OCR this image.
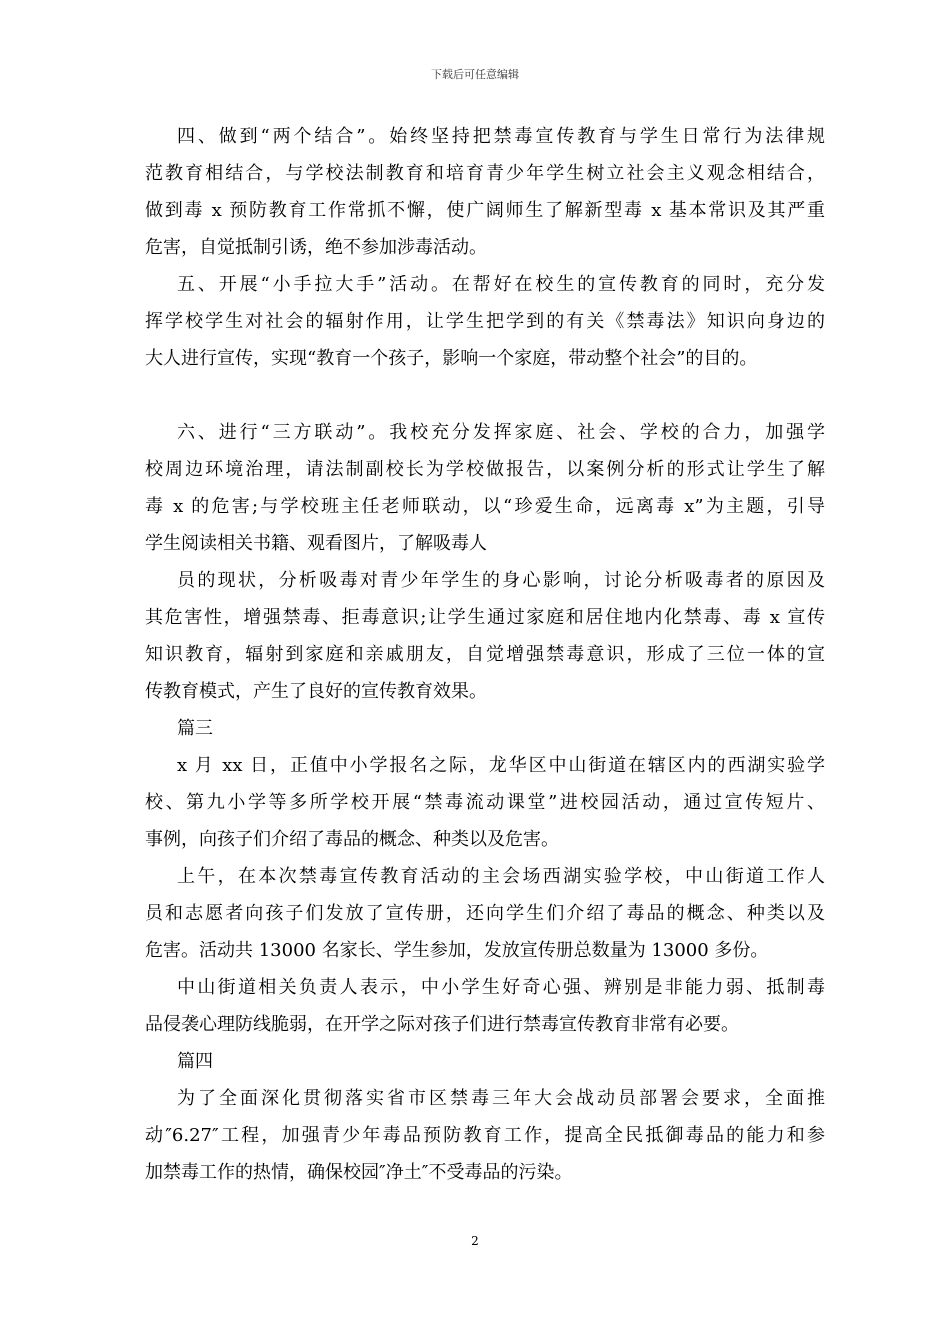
下载后可任意编辑
四、做到“两个结合”。始终坚持把禁毒宣传教育与学生日常行为法律规
范教育相结合，与学校法制教育和培育青少年学生树立社会主义观念相结合，
做到毒 x 预防教育工作常抓不懈，使广阔师生了解新型毒 x 基本常识及其严重
危害，自觉抵制引诱，绝不参加涉毒活动。
五、开展“小手拉大手”活动。在帮好在校生的宣传教育的同时，充分发
挥学校学生对社会的辐射作用，让学生把学到的有关《禁毒法》知识向身边的
大人进行宣传，实现“教育一个孩子，影响一个家庭，带动整个社会”的目的。
六、进行“三方联动”。我校充分发挥家庭、社会、学校的合力，加强学
校周边环境治理，请法制副校长为学校做报告，以案例分析的形式让学生了解
毒 x 的危害;与学校班主任老师联动，以“珍爱生命，远离毒 x”为主题，引导
学生阅读相关书籍、观看图片，了解吸毒人
员的现状，分析吸毒对青少年学生的身心影响，讨论分析吸毒者的原因及
其危害性，增强禁毒、拒毒意识;让学生通过家庭和居住地内化禁毒、毒 x 宣传
知识教育，辐射到家庭和亲戚朋友，自觉增强禁毒意识，形成了三位一体的宣
传教育模式，产生了良好的宣传教育效果。
篇三
x 月 xx 日，正值中小学报名之际，龙华区中山街道在辖区内的西湖实验学
校、第九小学等多所学校开展“禁毒流动课堂”进校园活动，通过宣传短片、
事例，向孩子们介绍了毒品的概念、种类以及危害。
上午，在本次禁毒宣传教育活动的主会场西湖实验学校，中山街道工作人
员和志愿者向孩子们发放了宣传册，还向学生们介绍了毒品的概念、种类以及
危害。活动共 13000 名家长、学生参加，发放宣传册总数量为 13000 多份。
中山街道相关负责人表示，中小学生好奇心强、辨别是非能力弱、抵制毒
品侵袭心理防线脆弱，在开学之际对孩子们进行禁毒宣传教育非常有必要。
篇四
为了全面深化贯彻落实省市区禁毒三年大会战动员部署会要求，全面推
动″6.27″工程，加强青少年毒品预防教育工作，提高全民抵御毒品的能力和参
加禁毒工作的热情，确保校园″净土″不受毒品的污染。
2
